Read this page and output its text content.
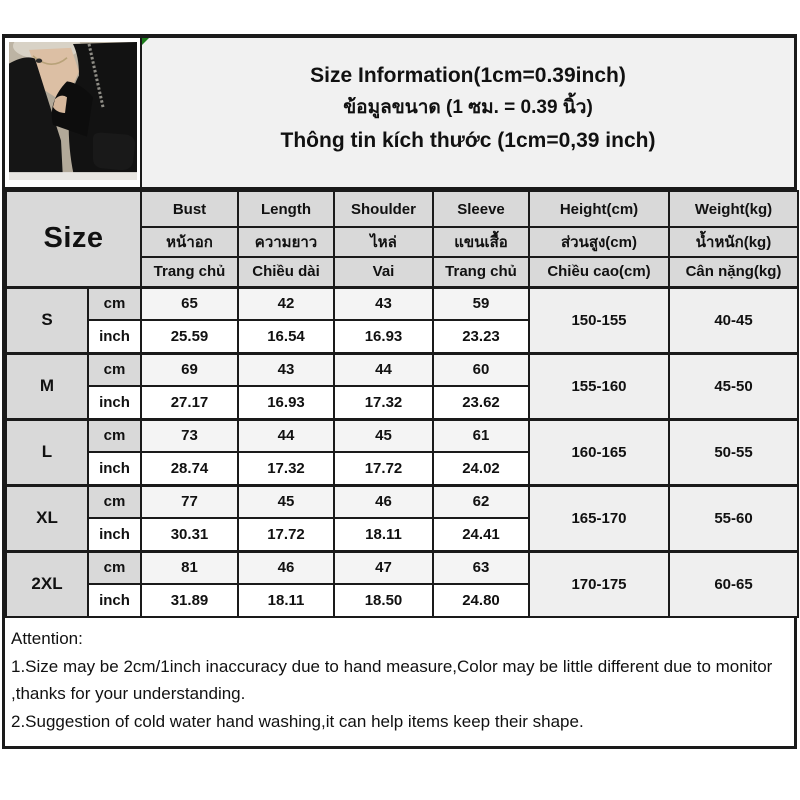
Size Information(1cm=0.39inch)
ข้อมูลขนาด (1 ซม. = 0.39 นิ้ว)
Thông tin kích thước (1cm=0,39 inch)
Size		Bust	Length	Shoulder	Sleeve	Height(cm)	Weight(kg)
		หน้าอก	ความยาว	ไหล่	แขนเสื้อ	ส่วนสูง(cm)	น้ำหนัก(kg)
		Trang chủ	Chiều dài	Vai	Trang chủ	Chiều cao(cm)	Cân nặng(kg)
S	cm	65	42	43	59	150-155	40-45
	inch	25.59	16.54	16.93	23.23		
M	cm	69	43	44	60	155-160	45-50
	inch	27.17	16.93	17.32	23.62		
L	cm	73	44	45	61	160-165	50-55
	inch	28.74	17.32	17.72	24.02		
XL	cm	77	45	46	62	165-170	55-60
	inch	30.31	17.72	18.11	24.41		
2XL	cm	81	46	47	63	170-175	60-65
	inch	31.89	18.11	18.50	24.80		
Attention:
1.Size may be 2cm/1inch inaccuracy due to hand measure,Color may be little different due to monitor ,thanks for your understanding.
2.Suggestion of cold water hand washing,it can help items keep their shape.
